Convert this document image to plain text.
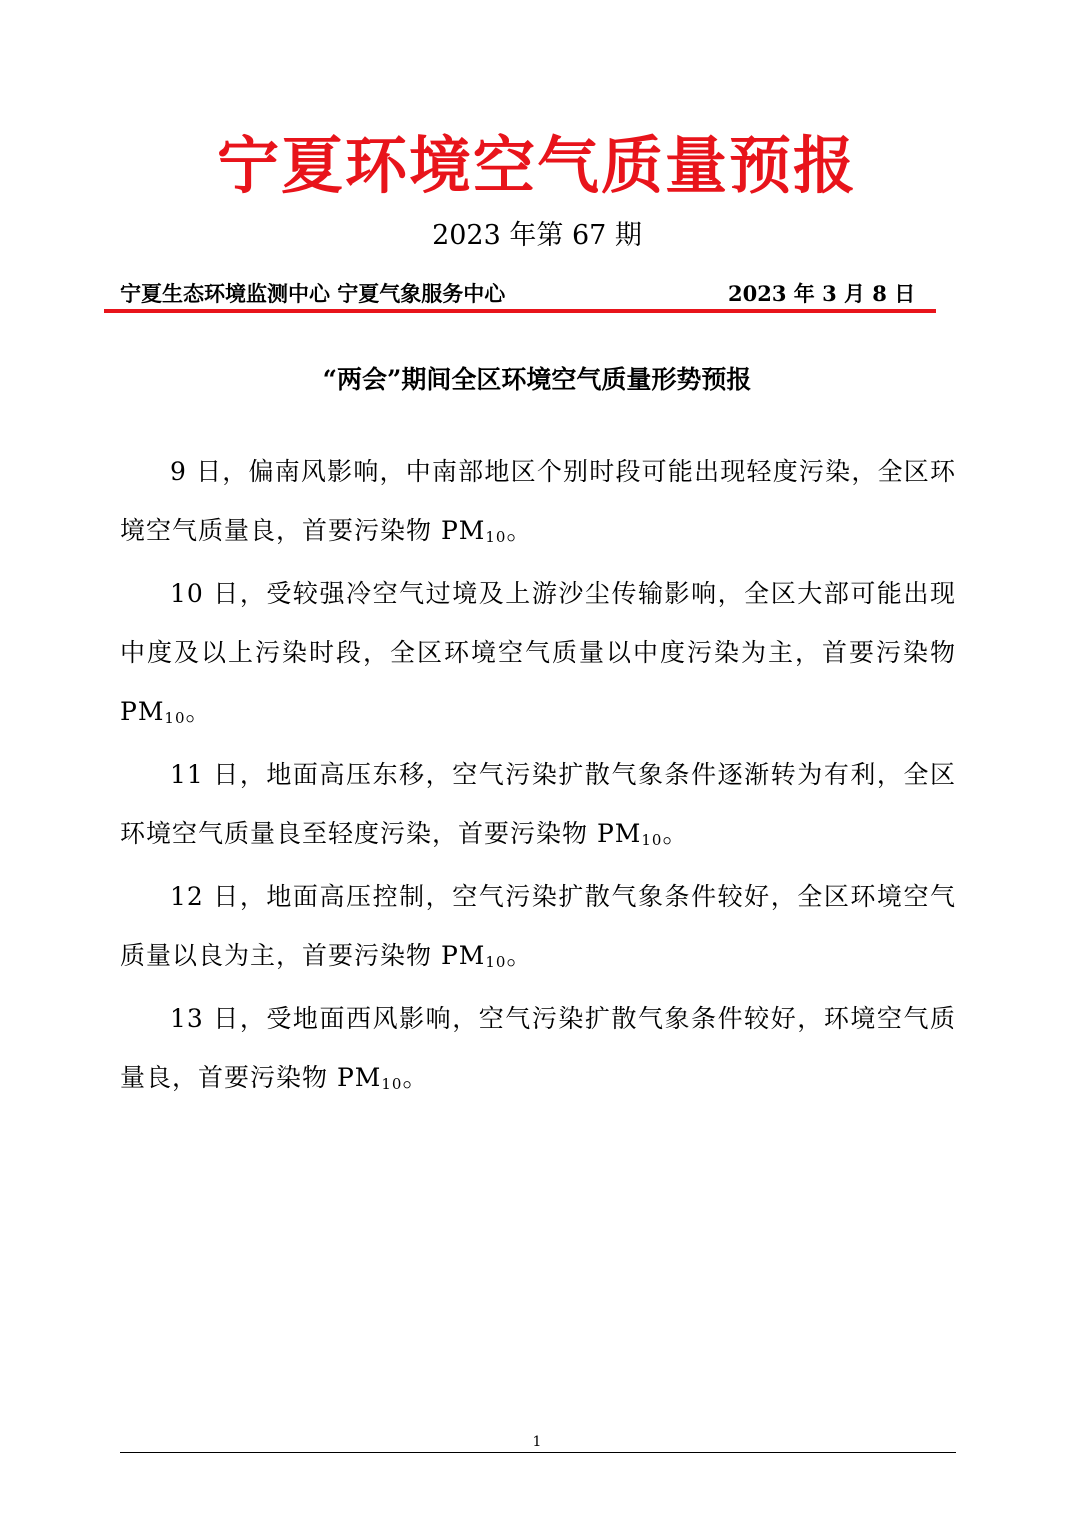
宁夏环境空气质量预报
2023 年第 67 期
宁夏生态环境监测中心 宁夏气象服务中心	2023 年 3 月 8 日
“两会”期间全区环境空气质量形势预报

9 日，偏南风影响，中南部地区个别时段可能出现轻度污染，全区环境空气质量良，首要污染物 $PM_{10}$。

10 日，受较强冷空气过境及上游沙尘传输影响，全区大部可能出现中度及以上污染时段，全区环境空气质量以中度污染为主，首要污染物 $PM_{10}$。

11 日，地面高压东移，空气污染扩散气象条件逐渐转为有利，全区环境空气质量良至轻度污染，首要污染物 $PM_{10}$。

12 日，地面高压控制，空气污染扩散气象条件较好，全区环境空气质量以良为主，首要污染物 $PM_{10}$。

13 日，受地面西风影响，空气污染扩散气象条件较好，环境空气质量良，首要污染物 $PM_{10}$。

1
